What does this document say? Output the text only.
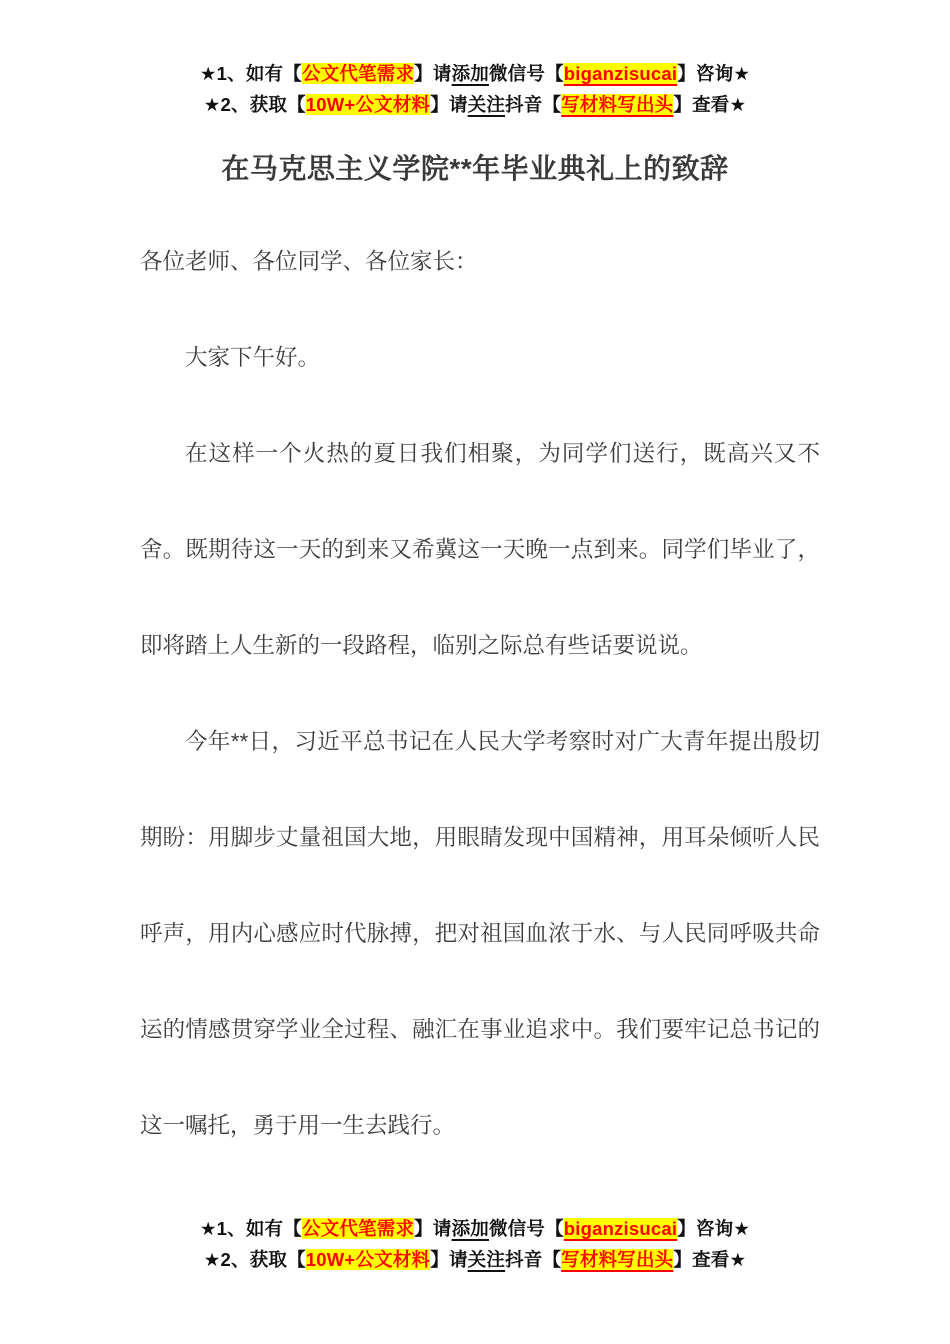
★1、如有【公文代笔需求】请添加微信号【biganzisucai】咨询★

★2、获取【10W+公文材料】请关注抖音【写材料写出头】查看★

在马克思主义学院**年毕业典礼上的致辞

各位老师、各位同学、各位家长：

大家下午好。

在这样一个火热的夏日我们相聚，为同学们送行，既高兴又不舍。既期待这一天的到来又希冀这一天晚一点到来。同学们毕业了，即将踏上人生新的一段路程，临别之际总有些话要说说。

今年**日，习近平总书记在人民大学考察时对广大青年提出殷切期盼：用脚步丈量祖国大地，用眼睛发现中国精神，用耳朵倾听人民呼声，用内心感应时代脉搏，把对祖国血浓于水、与人民同呼吸共命运的情感贯穿学业全过程、融汇在事业追求中。我们要牢记总书记的这一嘱托，勇于用一生去践行。

★1、如有【公文代笔需求】请添加微信号【biganzisucai】咨询★

★2、获取【10W+公文材料】请关注抖音【写材料写出头】查看★
